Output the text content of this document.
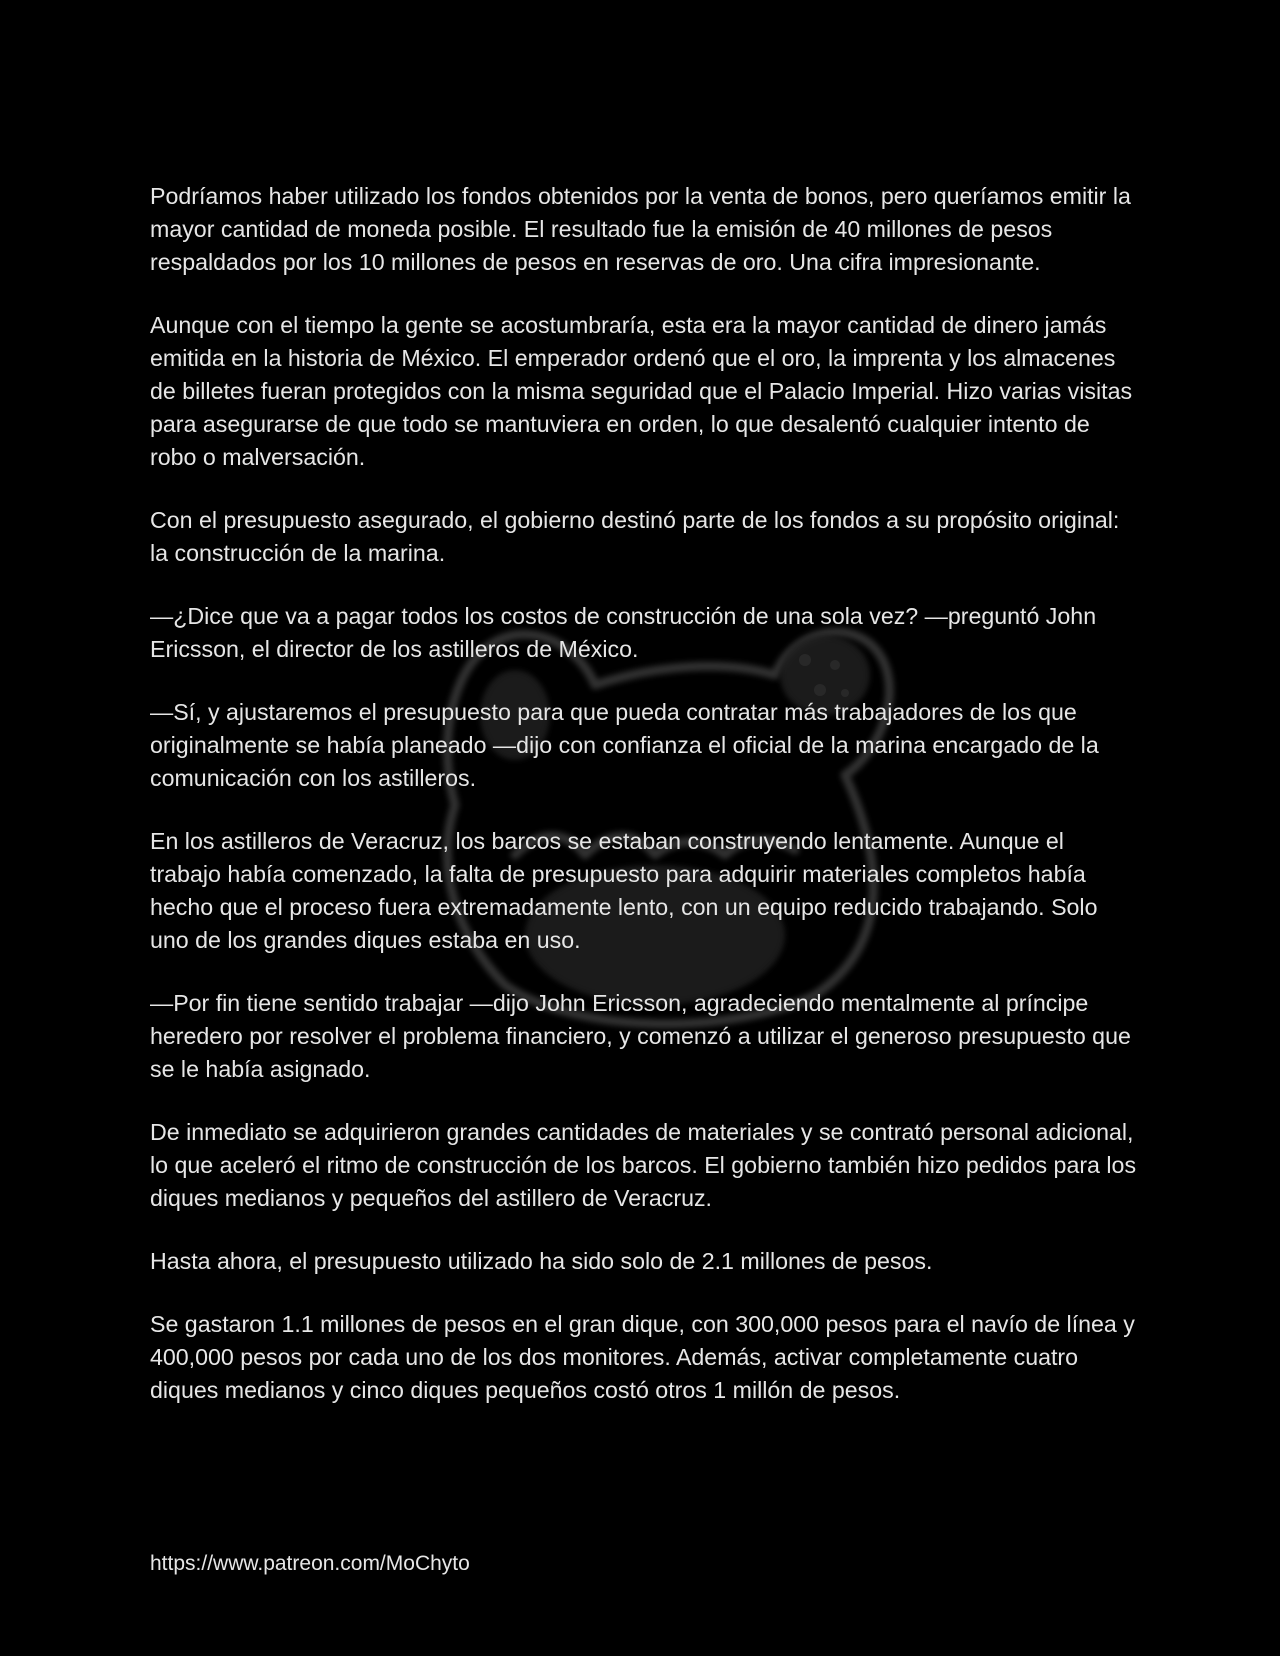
Podríamos haber utilizado los fondos obtenidos por la venta de bonos, pero queríamos emitir la mayor cantidad de moneda posible. El resultado fue la emisión de 40 millones de pesos respaldados por los 10 millones de pesos en reservas de oro. Una cifra impresionante.

Aunque con el tiempo la gente se acostumbraría, esta era la mayor cantidad de dinero jamás emitida en la historia de México. El emperador ordenó que el oro, la imprenta y los almacenes de billetes fueran protegidos con la misma seguridad que el Palacio Imperial. Hizo varias visitas para asegurarse de que todo se mantuviera en orden, lo que desalentó cualquier intento de robo o malversación.

Con el presupuesto asegurado, el gobierno destinó parte de los fondos a su propósito original: la construcción de la marina.

—¿Dice que va a pagar todos los costos de construcción de una sola vez? —preguntó John Ericsson, el director de los astilleros de México.

—Sí, y ajustaremos el presupuesto para que pueda contratar más trabajadores de los que originalmente se había planeado —dijo con confianza el oficial de la marina encargado de la comunicación con los astilleros.

En los astilleros de Veracruz, los barcos se estaban construyendo lentamente. Aunque el trabajo había comenzado, la falta de presupuesto para adquirir materiales completos había hecho que el proceso fuera extremadamente lento, con un equipo reducido trabajando. Solo uno de los grandes diques estaba en uso.

—Por fin tiene sentido trabajar —dijo John Ericsson, agradeciendo mentalmente al príncipe heredero por resolver el problema financiero, y comenzó a utilizar el generoso presupuesto que se le había asignado.

De inmediato se adquirieron grandes cantidades de materiales y se contrató personal adicional, lo que aceleró el ritmo de construcción de los barcos. El gobierno también hizo pedidos para los diques medianos y pequeños del astillero de Veracruz.

Hasta ahora, el presupuesto utilizado ha sido solo de 2.1 millones de pesos.

Se gastaron 1.1 millones de pesos en el gran dique, con 300,000 pesos para el navío de línea y 400,000 pesos por cada uno de los dos monitores. Además, activar completamente cuatro diques medianos y cinco diques pequeños costó otros 1 millón de pesos.

https://www.patreon.com/MoChyto
